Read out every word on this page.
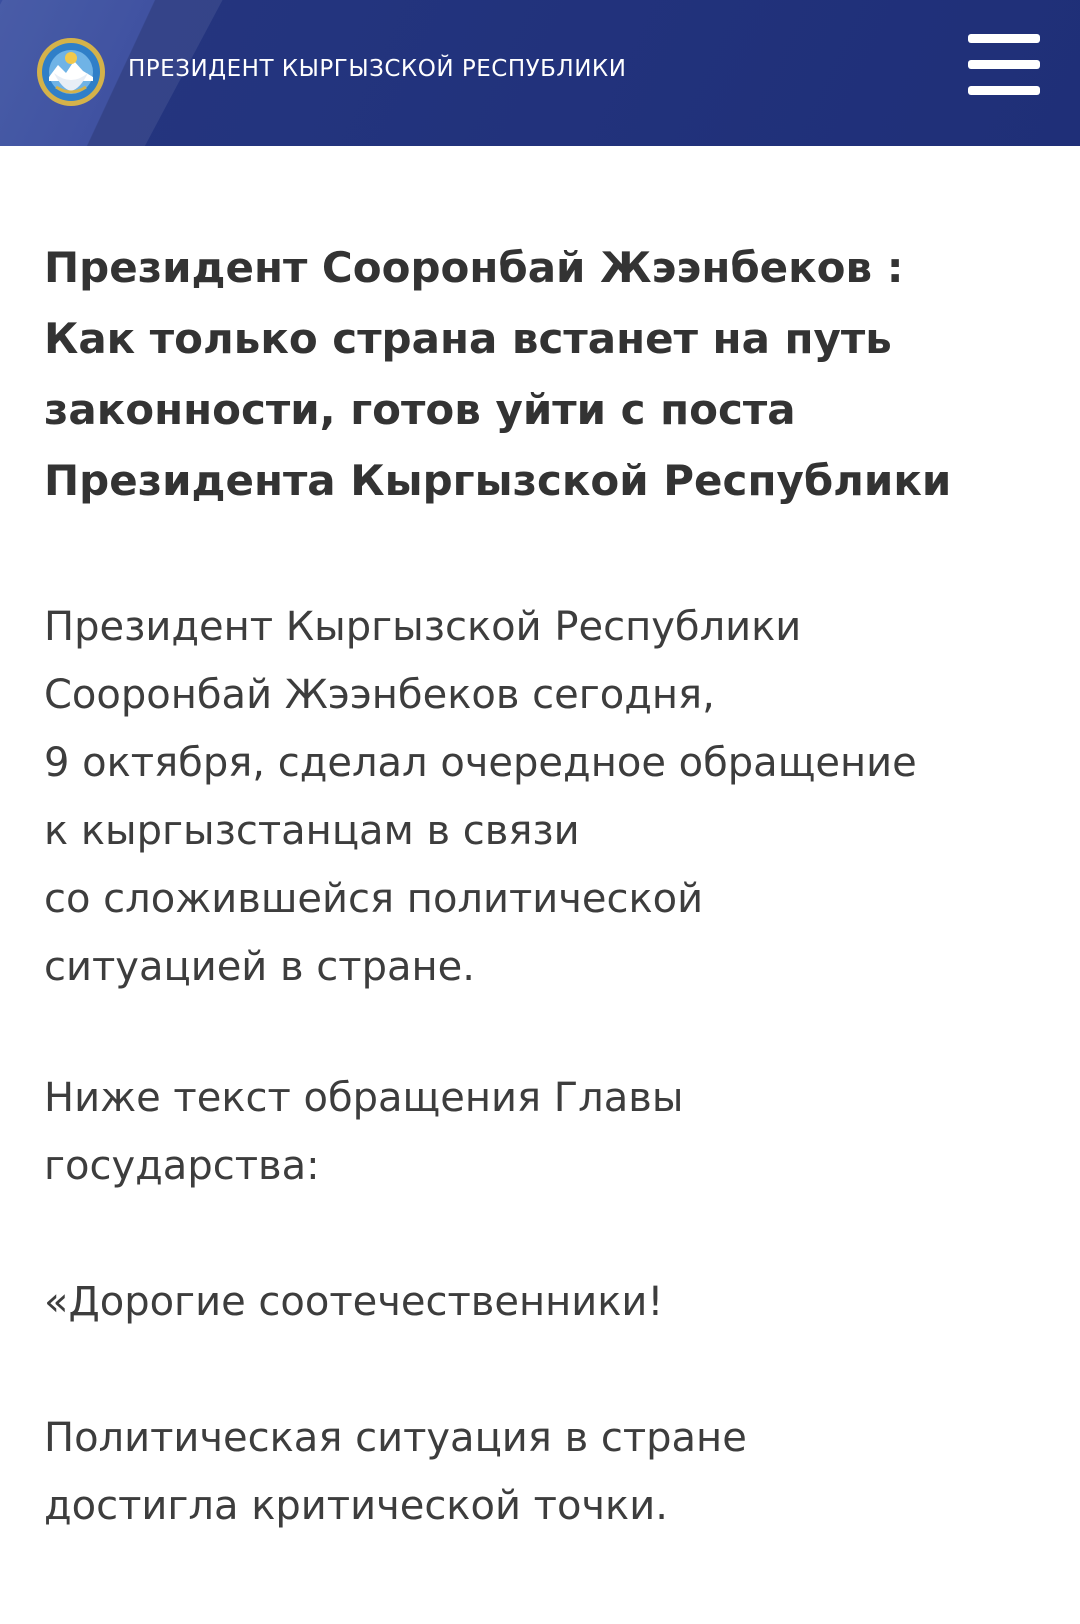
ПРЕЗИДЕНТ КЫРГЫЗСКОЙ РЕСПУБЛИКИ
Президент Сооронбай Жээнбеков :
Как только страна встанет на путь
законности, готов уйти с поста
Президента Кыргызской Республики

Президент Кыргызской Республики
Сооронбай Жээнбеков сегодня,
9 октября, сделал очередное обращение
к кыргызстанцам в связи
со сложившейся политической
ситуацией в стране.

Ниже текст обращения Главы
государства:

«Дорогие соотечественники!

Политическая ситуация в стране
достигла критической точки.
